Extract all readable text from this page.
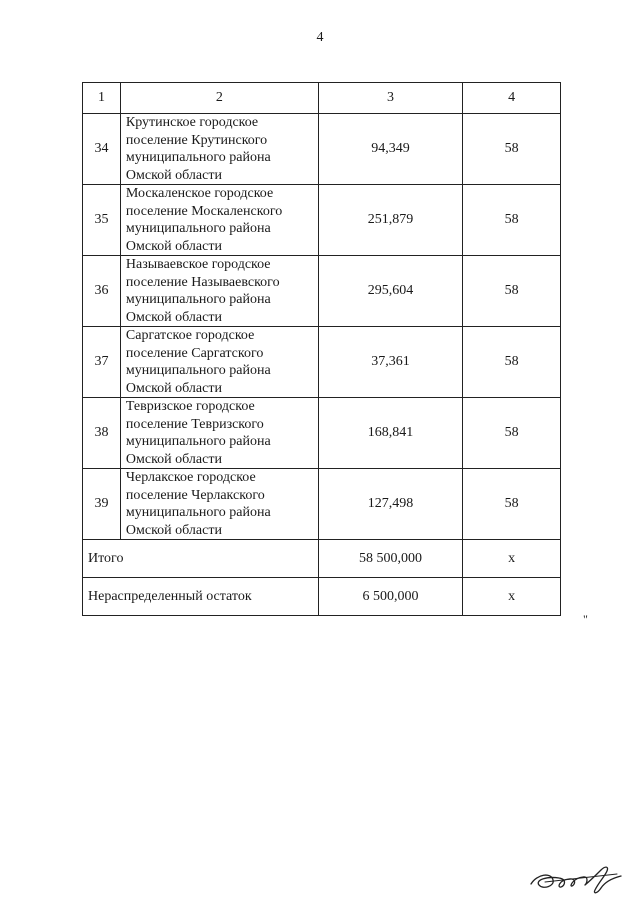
4
1	2	3	4
34	Крутинское городское
поселение Крутинского
муниципального района
Омской области	94,349	58
35	Москаленское городское
поселение Москаленского
муниципального района
Омской области	251,879	58
36	Называевское городское
поселение Называевского
муниципального района
Омской области	295,604	58
37	Саргатское городское
поселение Саргатского
муниципального района
Омской области	37,361	58
38	Тевризское городское
поселение Тевризского
муниципального района
Омской области	168,841	58
39	Черлакское городское
поселение Черлакского
муниципального района
Омской области	127,498	58
Итого		58 500,000	x
Нераспределенный остаток		6 500,000	x
"
